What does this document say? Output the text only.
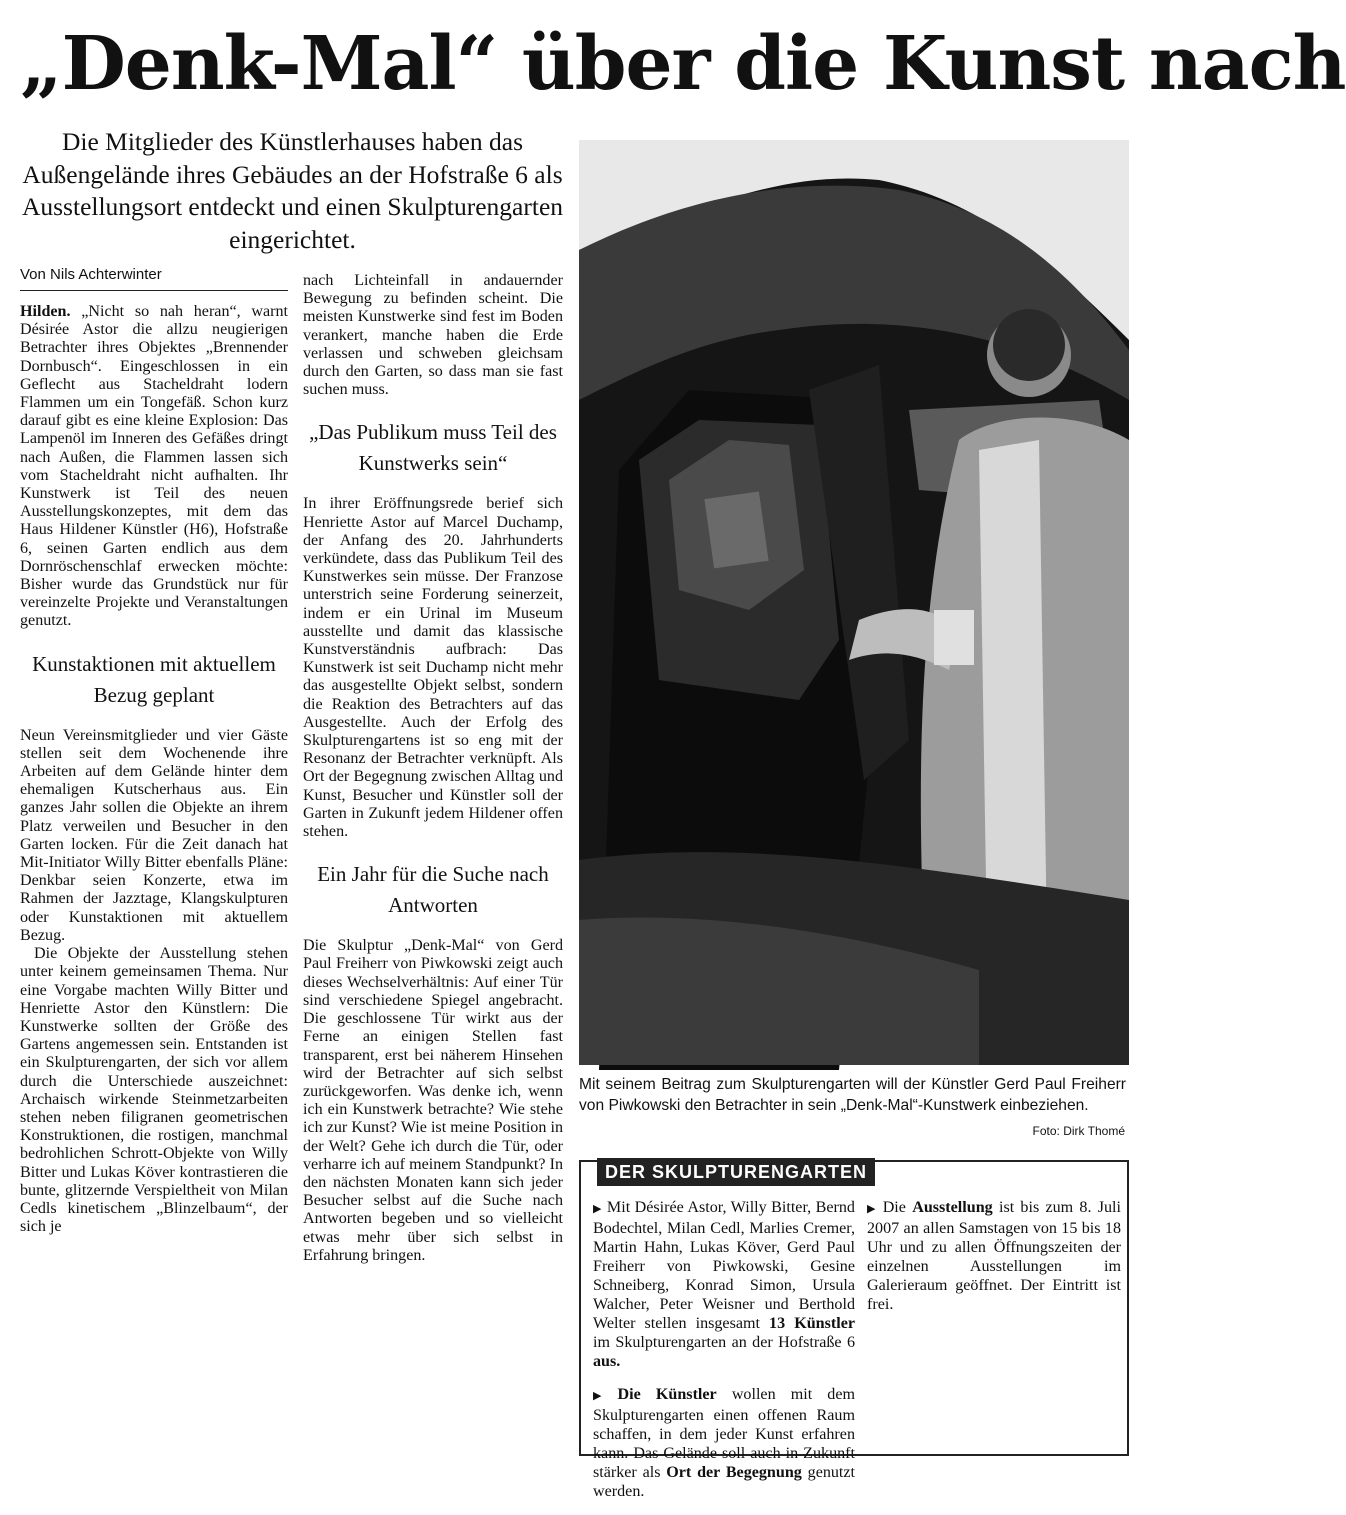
„Denk-Mal“ über die Kunst nach
Die Mitglieder des Künstlerhauses haben das Außengelände ihres Gebäudes an der Hofstraße 6 als Ausstellungsort entdeckt und einen Skulpturengarten eingerichtet.
Von Nils Achterwinter

Hilden. „Nicht so nah heran“, warnt Désirée Astor die allzu neugierigen Betrachter ihres Objektes „Brennender Dornbusch“. Eingeschlossen in ein Geflecht aus Stacheldraht lodern Flammen um ein Tongefäß. Schon kurz darauf gibt es eine kleine Explosion: Das Lampenöl im Inneren des Gefäßes dringt nach Außen, die Flammen lassen sich vom Stacheldraht nicht aufhalten. Ihr Kunstwerk ist Teil des neuen Ausstellungskonzeptes, mit dem das Haus Hildener Künstler (H6), Hofstraße 6, seinen Garten endlich aus dem Dornröschenschlaf erwecken möchte: Bisher wurde das Grundstück nur für vereinzelte Projekte und Veranstaltungen genutzt.

Kunstaktionen mit aktuellem Bezug geplant

Neun Vereinsmitglieder und vier Gäste stellen seit dem Wochenende ihre Arbeiten auf dem Gelände hinter dem ehemaligen Kutscherhaus aus. Ein ganzes Jahr sollen die Objekte an ihrem Platz verweilen und Besucher in den Garten locken. Für die Zeit danach hat Mit-Initiator Willy Bitter ebenfalls Pläne: Denkbar seien Konzerte, etwa im Rahmen der Jazztage, Klangskulpturen oder Kunstaktionen mit aktuellem Bezug.

Die Objekte der Ausstellung stehen unter keinem gemeinsamen Thema. Nur eine Vorgabe machten Willy Bitter und Henriette Astor den Künstlern: Die Kunstwerke sollten der Größe des Gartens angemessen sein. Entstanden ist ein Skulpturengarten, der sich vor allem durch die Unterschiede auszeichnet: Archaisch wirkende Steinmetzarbeiten stehen neben filigranen geometrischen Konstruktionen, die rostigen, manchmal bedrohlichen Schrott-Objekte von Willy Bitter und Lukas Köver kontrastieren die bunte, glitzernde Verspieltheit von Milan Cedls kinetischem „Blinzelbaum“, der sich je

nach Lichteinfall in andauernder Bewegung zu befinden scheint. Die meisten Kunstwerke sind fest im Boden verankert, manche haben die Erde verlassen und schweben gleichsam durch den Garten, so dass man sie fast suchen muss.

„Das Publikum muss Teil des Kunstwerks sein“

In ihrer Eröffnungsrede berief sich Henriette Astor auf Marcel Duchamp, der Anfang des 20. Jahrhunderts verkündete, dass das Publikum Teil des Kunstwerkes sein müsse. Der Franzose unterstrich seine Forderung seinerzeit, indem er ein Urinal im Museum ausstellte und damit das klassische Kunstverständnis aufbrach: Das Kunstwerk ist seit Duchamp nicht mehr das ausgestellte Objekt selbst, sondern die Reaktion des Betrachters auf das Ausgestellte. Auch der Erfolg des Skulpturengartens ist so eng mit der Resonanz der Betrachter verknüpft. Als Ort der Begegnung zwischen Alltag und Kunst, Besucher und Künstler soll der Garten in Zukunft jedem Hildener offen stehen.

Ein Jahr für die Suche nach Antworten

Die Skulptur „Denk-Mal“ von Gerd Paul Freiherr von Piwkowski zeigt auch dieses Wechselverhältnis: Auf einer Tür sind verschiedene Spiegel angebracht. Die geschlossene Tür wirkt aus der Ferne an einigen Stellen fast transparent, erst bei näherem Hinsehen wird der Betrachter auf sich selbst zurückgeworfen. Was denke ich, wenn ich ein Kunstwerk betrachte? Wie stehe ich zur Kunst? Wie ist meine Position in der Welt? Gehe ich durch die Tür, oder verharre ich auf meinem Standpunkt? In den nächsten Monaten kann sich jeder Besucher selbst auf die Suche nach Antworten begeben und so vielleicht etwas mehr über sich selbst in Erfahrung bringen.

Mit seinem Beitrag zum Skulpturengarten will der Künstler Gerd Paul Freiherr von Piwkowski den Betrachter in sein „Denk-Mal“-Kunstwerk einbeziehen.
Foto: Dirk Thomé
DER SKULPTURENGARTEN

▶ Mit Désirée Astor, Willy Bitter, Bernd Bodechtel, Milan Cedl, Marlies Cremer, Martin Hahn, Lukas Köver, Gerd Paul Freiherr von Piwkowski, Gesine Schneiberg, Konrad Simon, Ursula Walcher, Peter Weisner und Berthold Welter stellen insgesamt 13 Künstler im Skulpturengarten an der Hofstraße 6 aus.

▶ Die Künstler wollen mit dem Skulpturengarten einen offenen Raum schaffen, in dem jeder Kunst erfahren kann. Das Gelände soll auch in Zukunft stärker als Ort der Begegnung genutzt werden.

▶ Die Ausstellung ist bis zum 8. Juli 2007 an allen Samstagen von 15 bis 18 Uhr und zu allen Öffnungszeiten der einzelnen Ausstellungen im Galerieraum geöffnet. Der Eintritt ist frei.
